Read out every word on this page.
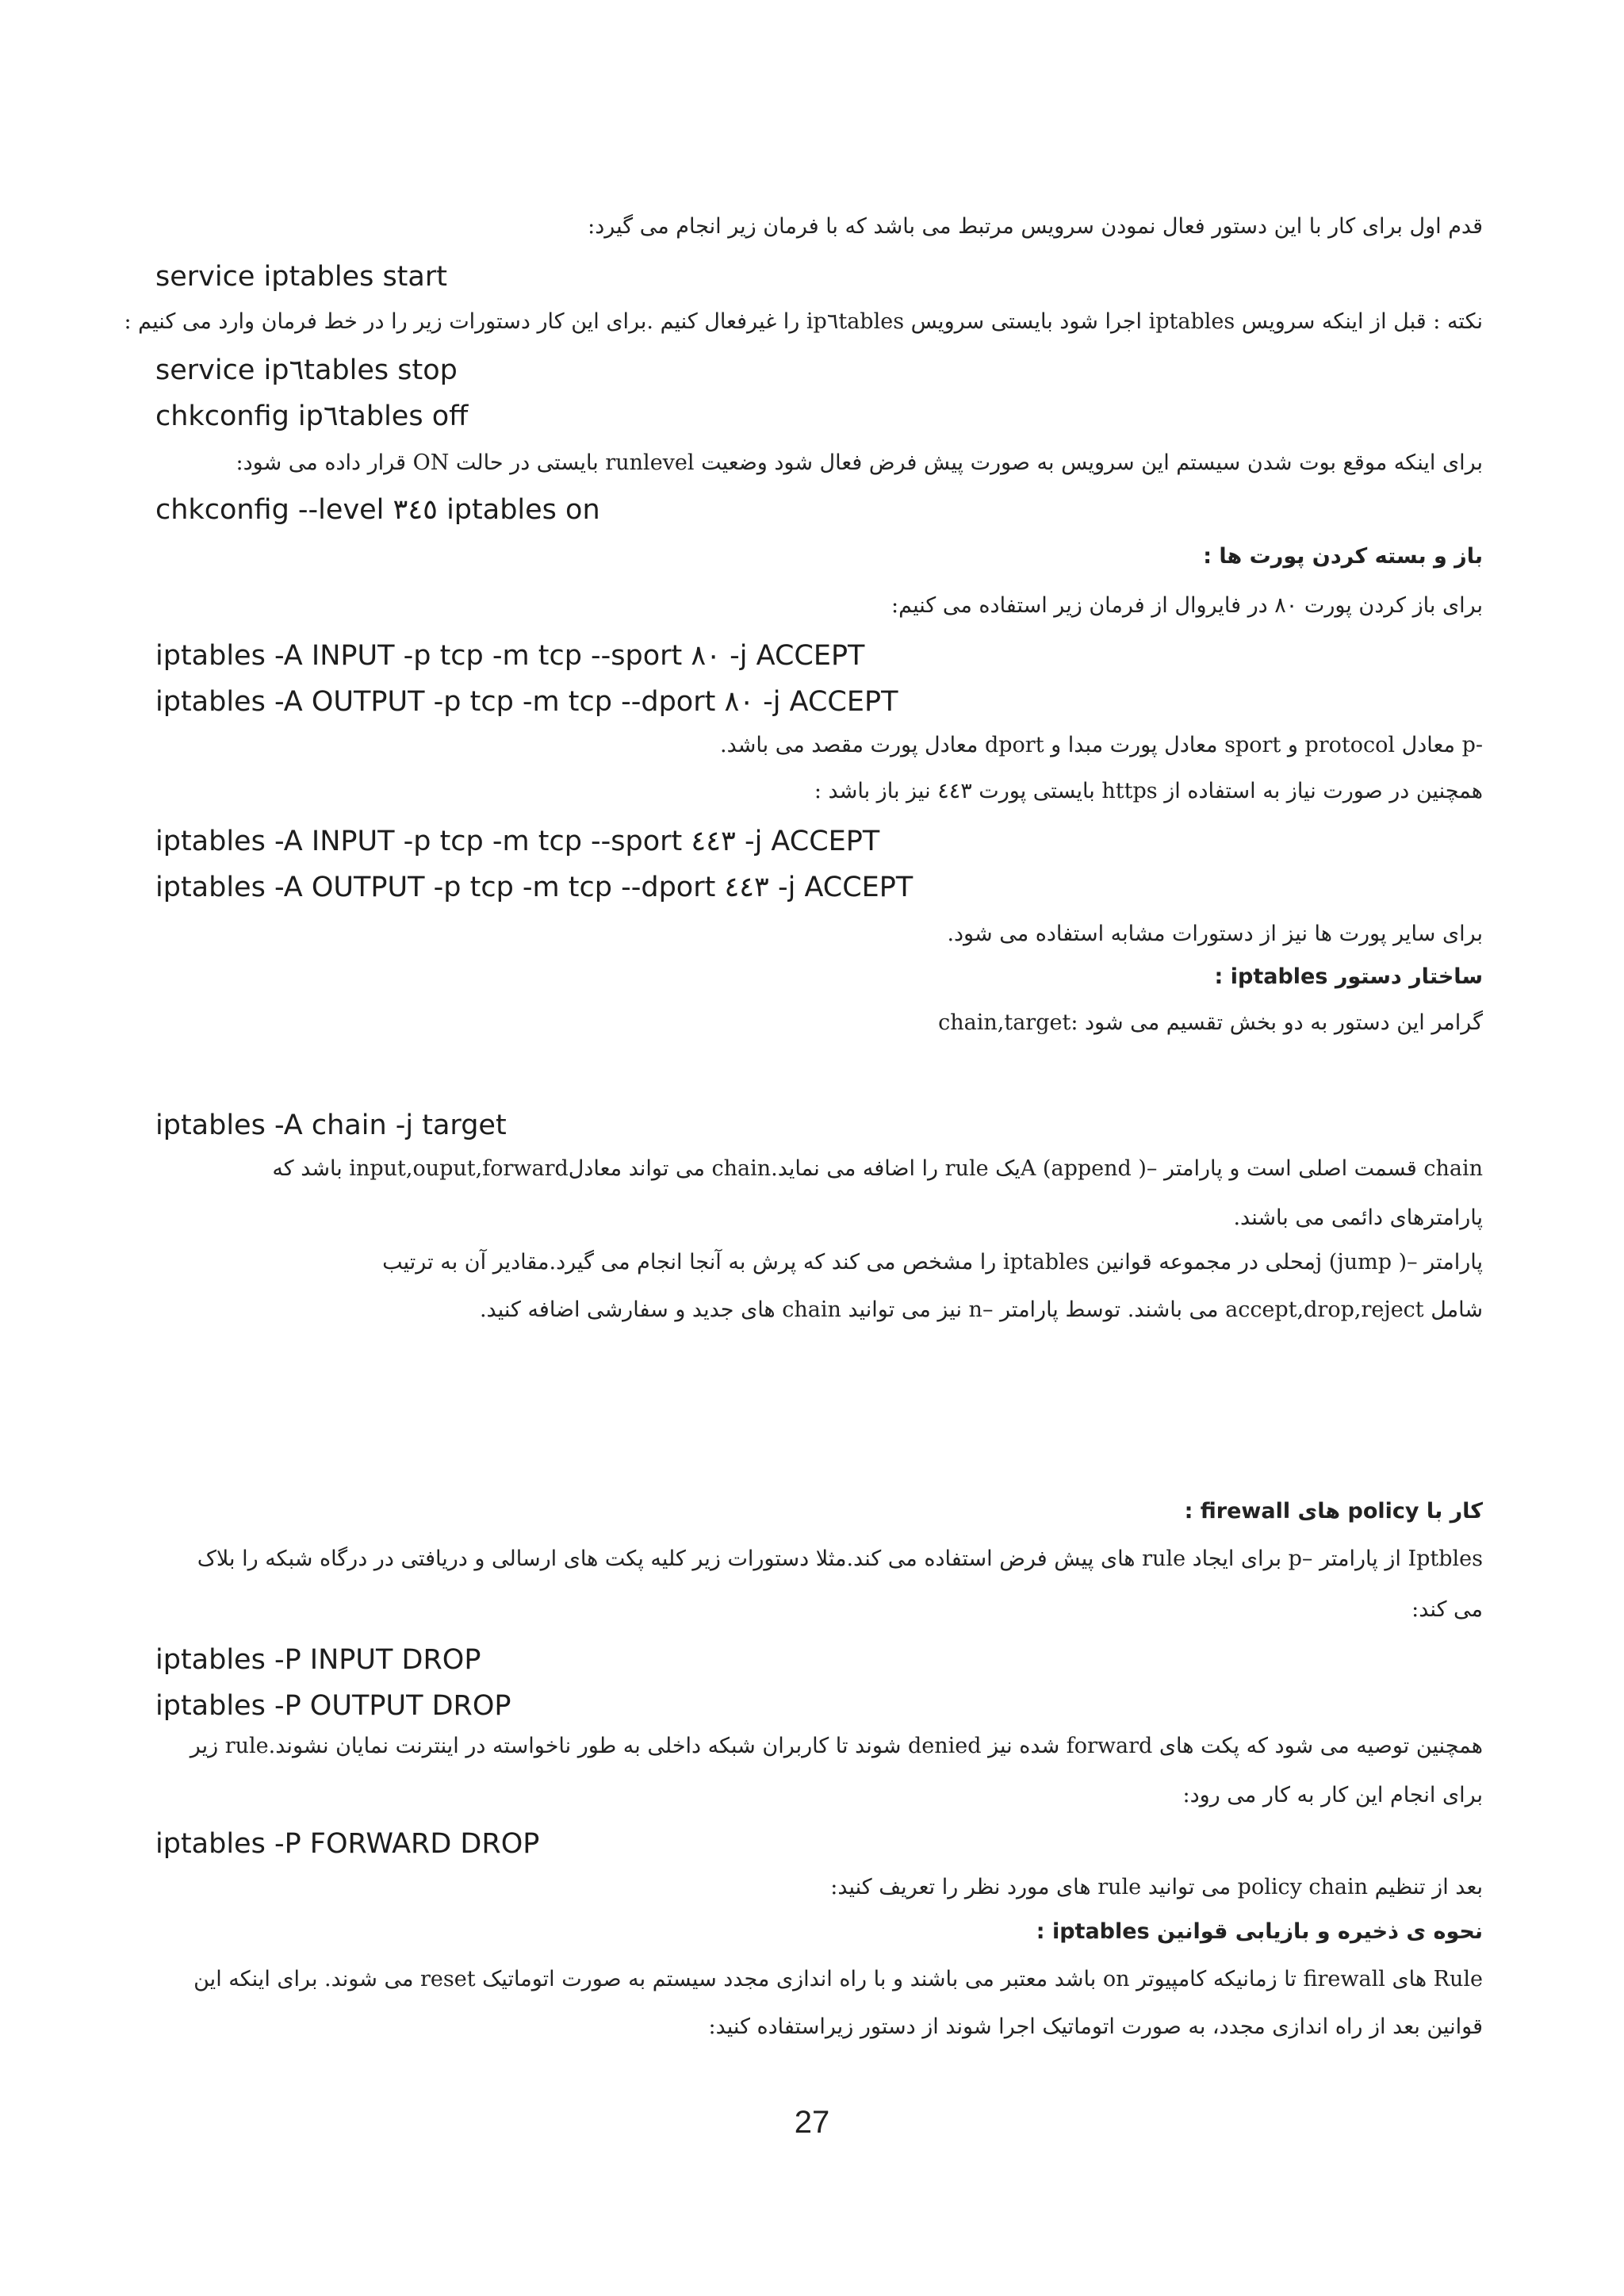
قدم اول برای کار با این دستور فعال نمودن سرویس مرتبط می باشد که با فرمان زیر انجام می گیرد:
service iptables start
نکته : قبل از اینکه سرویس iptables اجرا شود بایستی سرویس ip٦tables را غیرفعال کنیم .برای این کار دستورات زیر را در خط فرمان وارد می کنیم :
service ip٦tables stop
chkconfig ip٦tables off
برای اینکه موقع بوت شدن سیستم این سرویس به صورت پیش فرض فعال شود وضعیت runlevel بایستی در حالت ON قرار داده می شود:
chkconfig --level ٣٤٥ iptables on
باز و بسته کردن پورت ها :
برای باز کردن پورت ٨٠ در فایروال از فرمان زیر استفاده می کنیم:
iptables -A INPUT -p tcp -m tcp --sport ٨٠ -j ACCEPT
iptables -A OUTPUT -p tcp -m tcp --dport ٨٠ -j ACCEPT
-p معادل protocol و sport معادل پورت مبدا و dport معادل پورت مقصد می باشد.
همچنین در صورت نیاز به استفاده از https بایستی پورت ٤٤٣ نیز باز باشد :
iptables -A INPUT -p tcp -m tcp --sport ٤٤٣ -j ACCEPT
iptables -A OUTPUT -p tcp -m tcp --dport ٤٤٣ -j ACCEPT
برای سایر پورت ها نیز از دستورات مشابه استفاده می شود.
ساختار دستور iptables :
گرامر این دستور به دو بخش تقسیم می شود :chain,target
iptables -A chain -j target
chain قسمت اصلی است و پارامتر –( append) Aیک rule را اضافه می نماید.chain می تواند معادلinput,ouput,forward باشد که
پارامترهای دائمی می باشند.
پارامتر –( jump) jمحلی در مجموعه قوانین iptables را مشخص می کند که پرش به آنجا انجام می گیرد.مقادیر آن به ترتیب
شامل accept,drop,reject می باشند. توسط پارامتر –n نیز می توانید chain های جدید و سفارشی اضافه کنید.
کار با policy های firewall :
Iptbles از پارامتر –p برای ایجاد rule های پیش فرض استفاده می کند.مثلا دستورات زیر کلیه پکت های ارسالی و دریافتی در درگاه شبکه را بلاک
می کند:
iptables -P INPUT DROP
iptables -P OUTPUT DROP
همچنین توصیه می شود که پکت های forward شده نیز denied شوند تا کاربران شبکه داخلی به طور ناخواسته در اینترنت نمایان نشوند.rule زیر
برای انجام این کار به کار می رود:
iptables -P FORWARD DROP
بعد از تنظیم policy chain می توانید rule های مورد نظر را تعریف کنید:
نحوه ی ذخیره و بازیابی قوانین iptables :
Rule های firewall تا زمانیکه کامپیوتر on باشد معتبر می باشند و با راه اندازی مجدد سیستم به صورت اتوماتیک reset می شوند. برای اینکه این
قوانین بعد از راه اندازی مجدد، به صورت اتوماتیک اجرا شوند از دستور زیراستفاده کنید:
27
